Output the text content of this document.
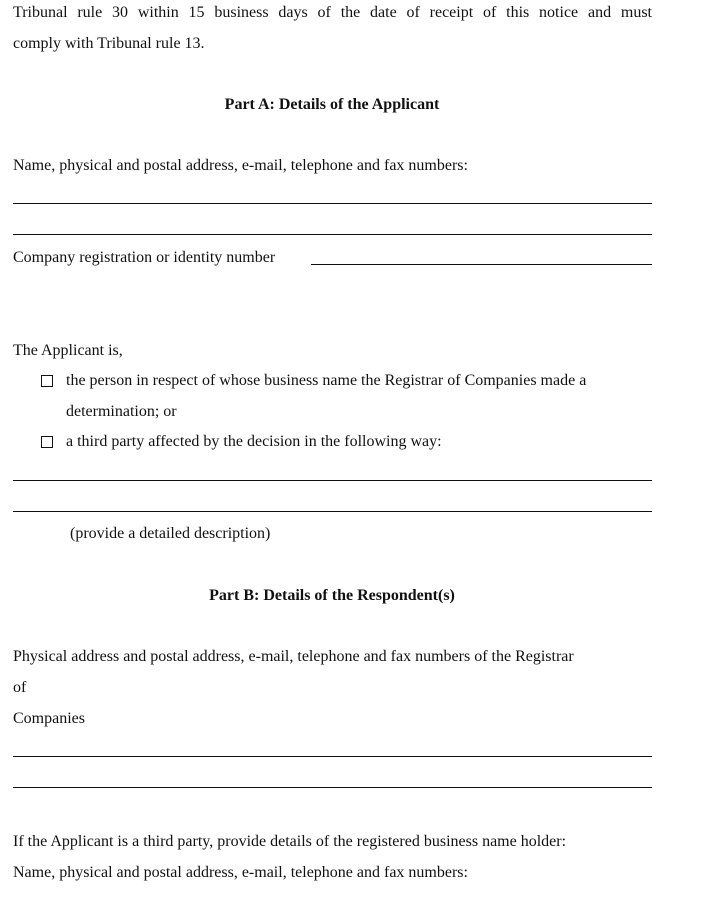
Tribunal rule 30 within 15 business days of the date of receipt of this notice and must
comply with Tribunal rule 13.
Part A: Details of the Applicant
Name, physical and postal address, e-mail, telephone and fax numbers:
Company registration or identity number
The Applicant is,
the person in respect of whose business name the Registrar of Companies made a
determination; or
a third party affected by the decision in the following way:
(provide a detailed description)
Part B: Details of the Respondent(s)
Physical address and postal address, e-mail, telephone and fax numbers of the Registrar
of
Companies
If the Applicant is a third party, provide details of the registered business name holder:
Name, physical and postal address, e-mail, telephone and fax numbers:
